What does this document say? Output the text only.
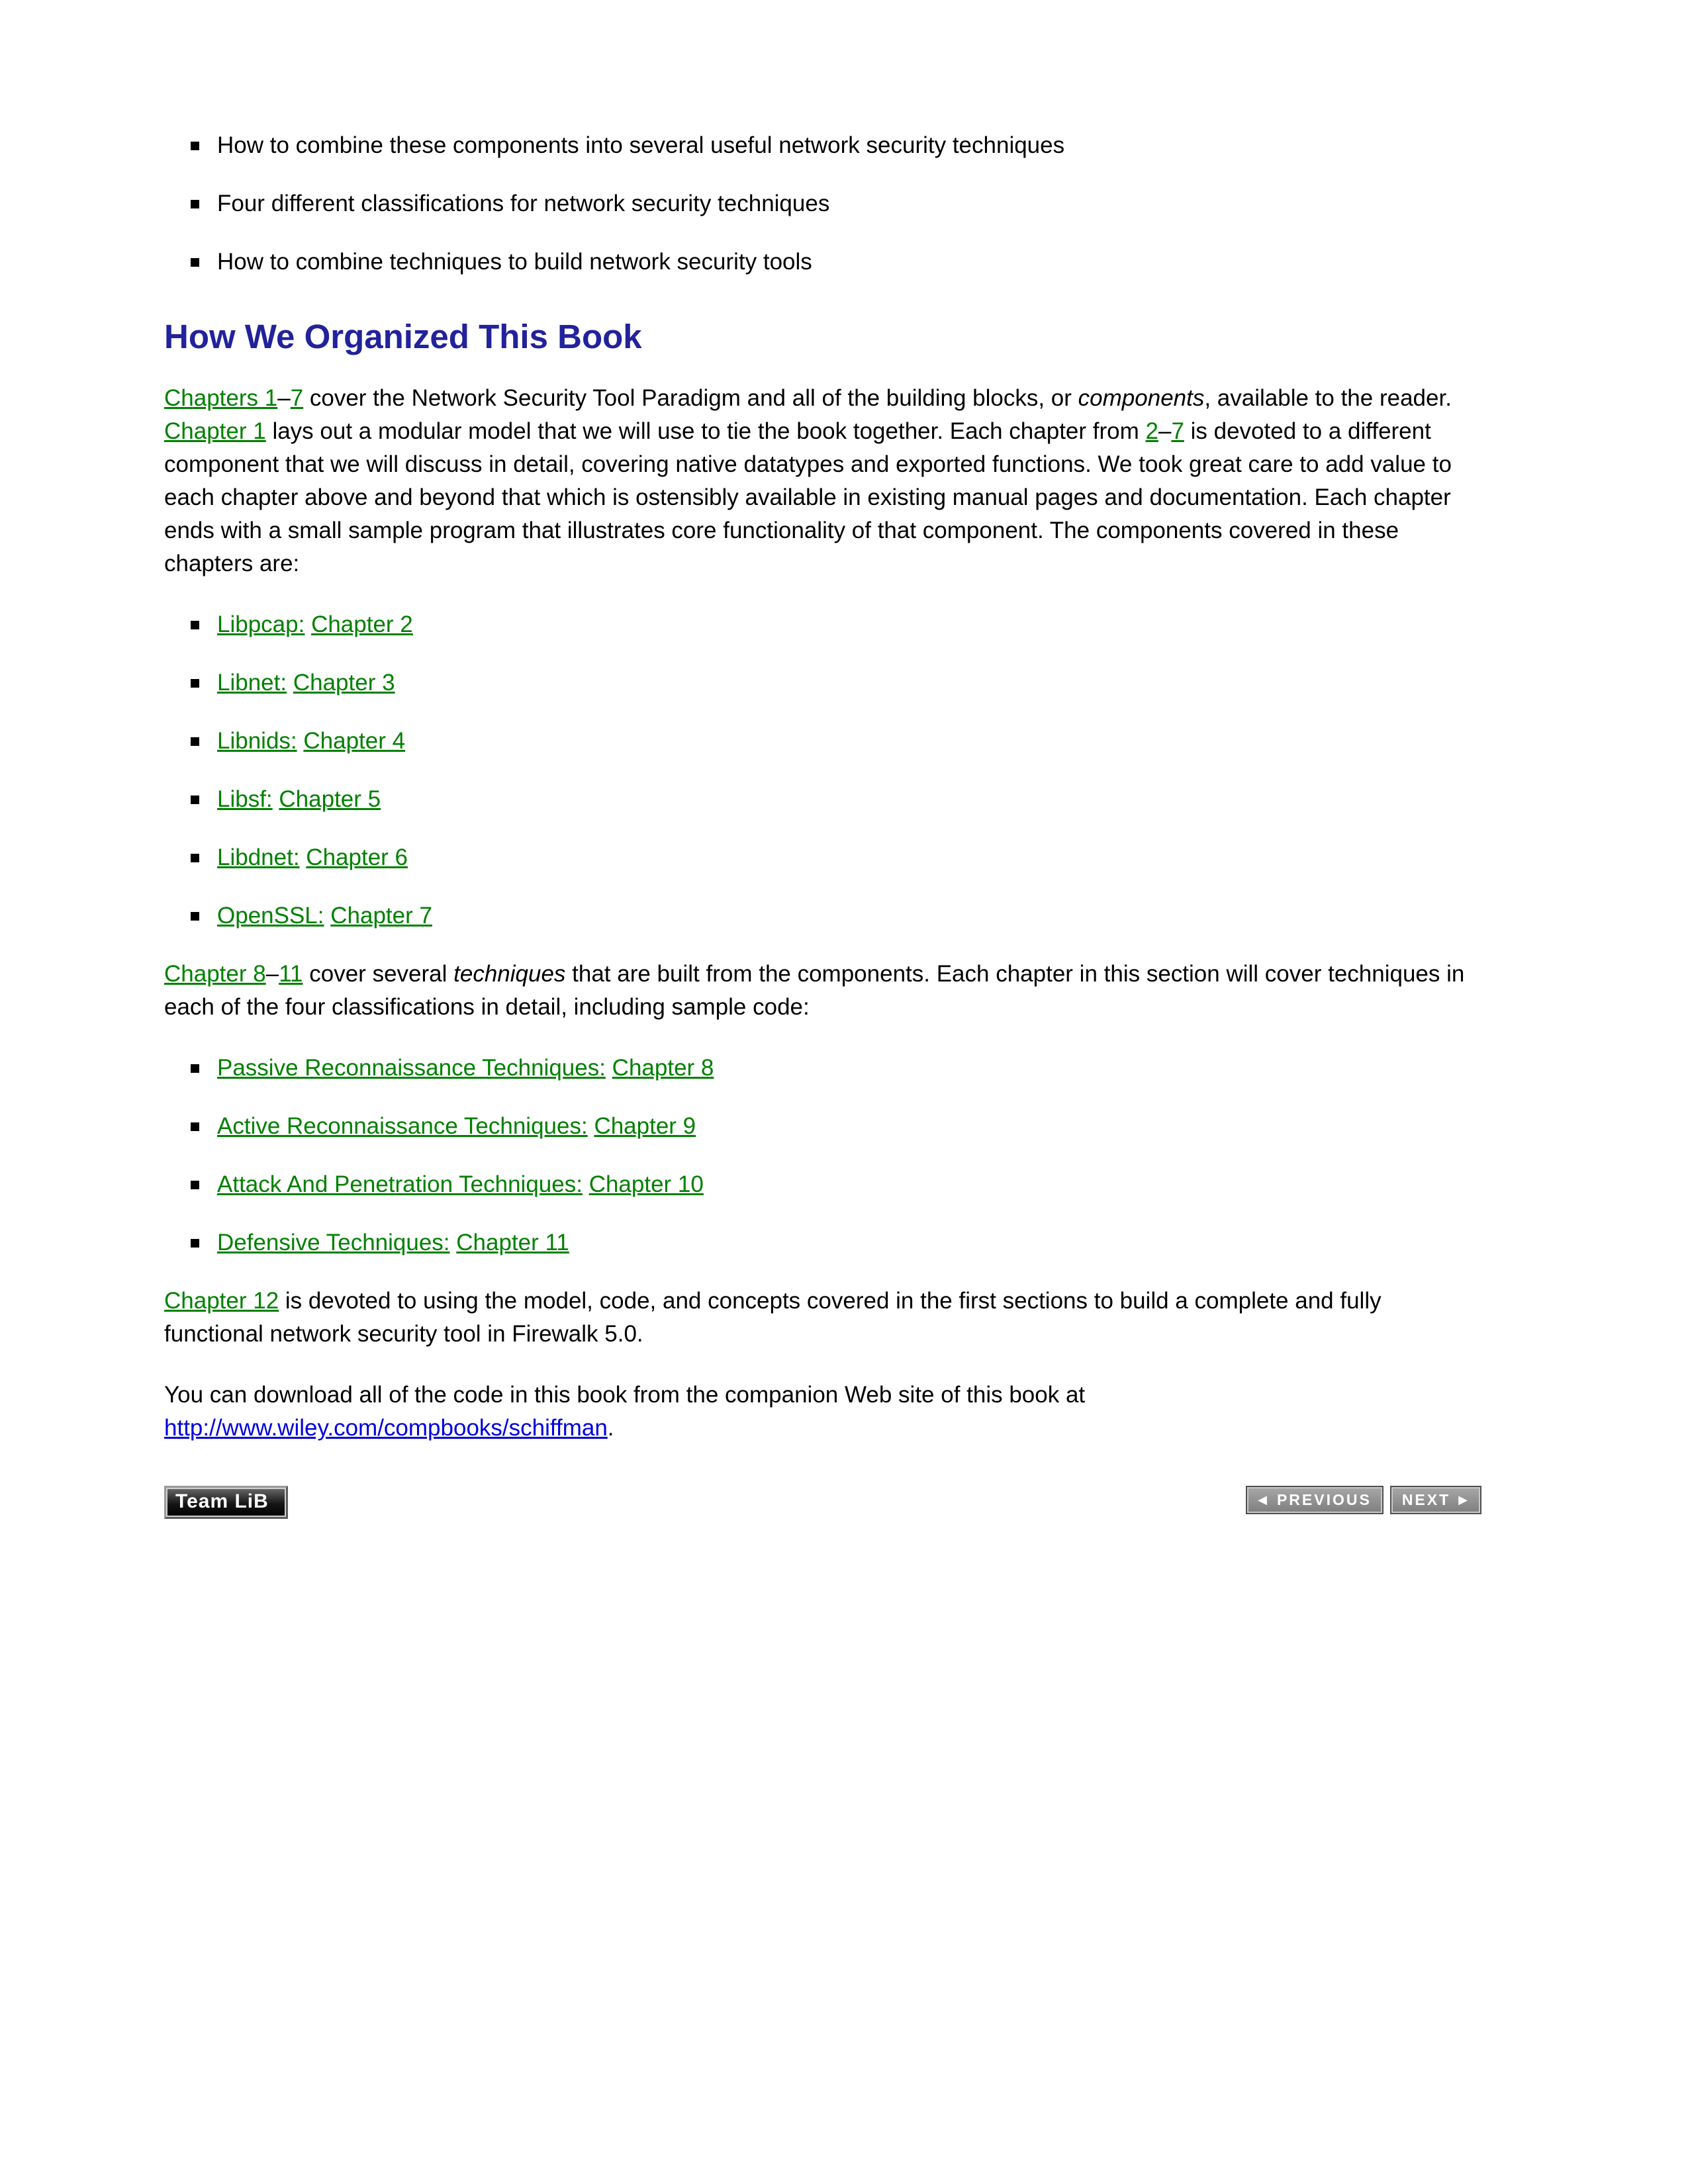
How to combine these components into several useful network security techniques
Four different classifications for network security techniques
How to combine techniques to build network security tools
How We Organized This Book

Chapters 1–7 cover the Network Security Tool Paradigm and all of the building blocks, or components, available to the reader. Chapter 1 lays out a modular model that we will use to tie the book together. Each chapter from 2–7 is devoted to a different component that we will discuss in detail, covering native datatypes and exported functions. We took great care to add value to each chapter above and beyond that which is ostensibly available in existing manual pages and documentation. Each chapter ends with a small sample program that illustrates core functionality of that component. The components covered in these chapters are:

Libpcap: Chapter 2
Libnet: Chapter 3
Libnids: Chapter 4
Libsf: Chapter 5
Libdnet: Chapter 6
OpenSSL: Chapter 7

Chapter 8–11 cover several techniques that are built from the components. Each chapter in this section will cover techniques in each of the four classifications in detail, including sample code:

Passive Reconnaissance Techniques: Chapter 8
Active Reconnaissance Techniques: Chapter 9
Attack And Penetration Techniques: Chapter 10
Defensive Techniques: Chapter 11

Chapter 12 is devoted to using the model, code, and concepts covered in the first sections to build a complete and fully functional network security tool in Firewalk 5.0.

You can download all of the code in this book from the companion Web site of this book at http://www.wiley.com/compbooks/schiffman.

Team LiB	◀ PREVIOUS NEXT ▶
